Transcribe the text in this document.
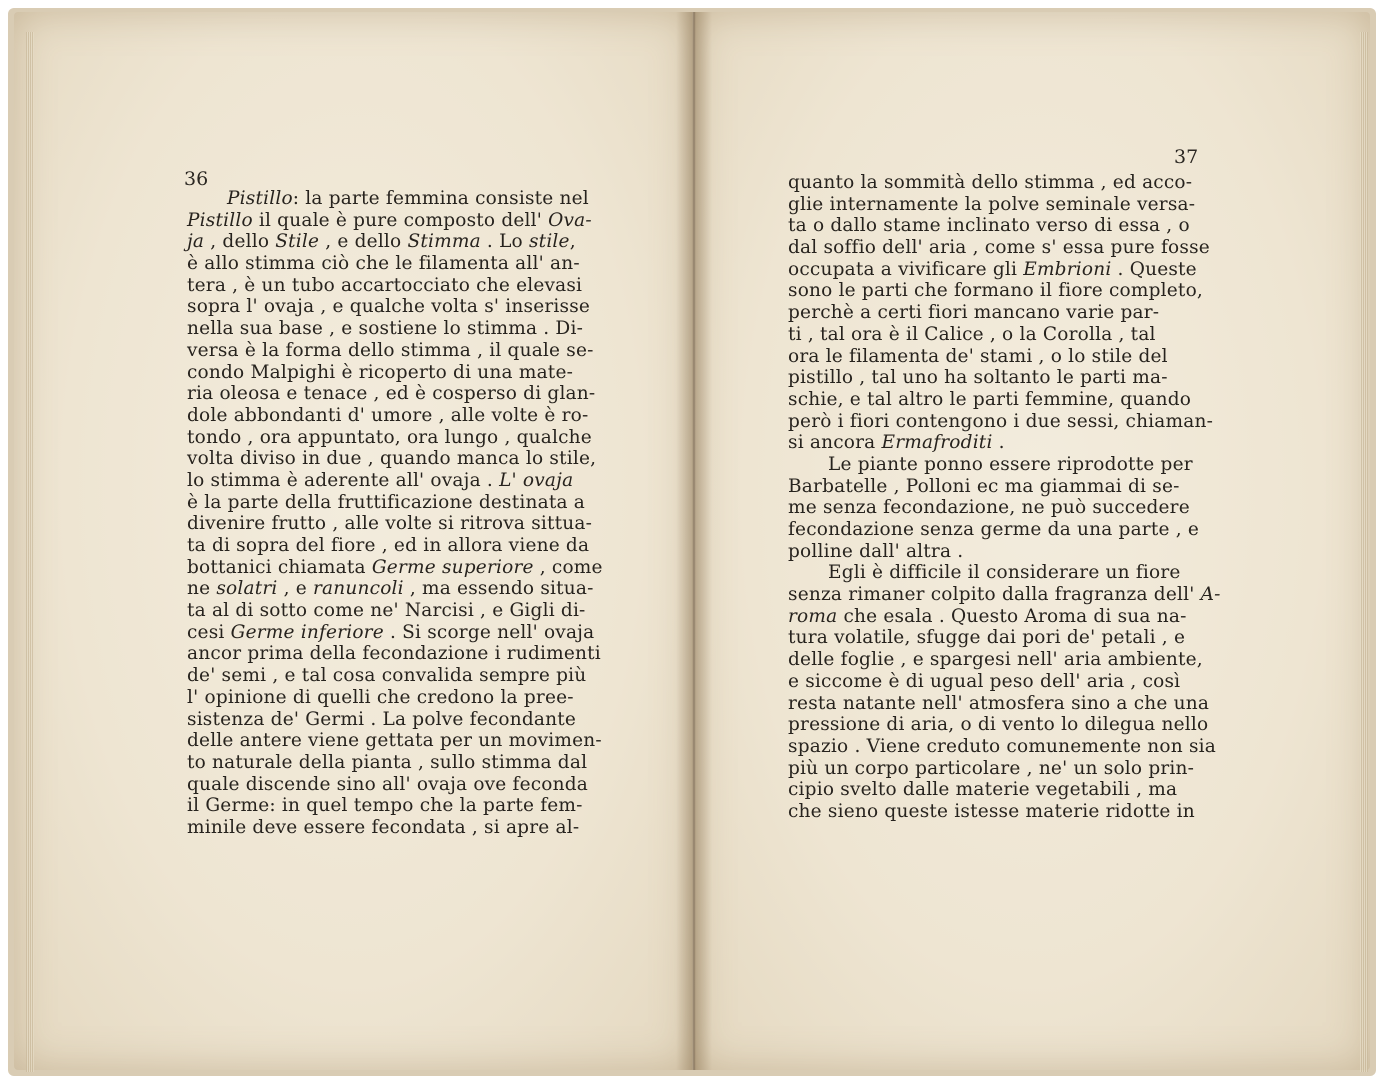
36
37
Pistillo: la parte femmina consiste nel
Pistillo il quale è pure composto dell' Ova-
ja , dello Stile , e dello Stimma . Lo stile,
è allo stimma ciò che le filamenta all' an-
tera , è un tubo accartocciato che elevasi
sopra l' ovaja , e qualche volta s' inserisse
nella sua base , e sostiene lo stimma . Di-
versa è la forma dello stimma , il quale se-
condo Malpighi è ricoperto di una mate-
ria oleosa e tenace , ed è cosperso di glan-
dole abbondanti d' umore , alle volte è ro-
tondo , ora appuntato, ora lungo , qualche
volta diviso in due , quando manca lo stile,
lo stimma è aderente all' ovaja . L' ovaja
è la parte della fruttificazione destinata a
divenire frutto , alle volte si ritrova sittua-
ta di sopra del fiore , ed in allora viene da
bottanici chiamata Germe superiore , come
ne solatri , e ranuncoli , ma essendo situa-
ta al di sotto come ne' Narcisi , e Gigli di-
cesi Germe inferiore . Si scorge nell' ovaja
ancor prima della fecondazione i rudimenti
de' semi , e tal cosa convalida sempre più
l' opinione di quelli che credono la pree-
sistenza de' Germi . La polve fecondante
delle antere viene gettata per un movimen-
to naturale della pianta , sullo stimma dal
quale discende sino all' ovaja ove feconda
il Germe: in quel tempo che la parte fem-
minile deve essere fecondata , si apre al-
quanto la sommità dello stimma , ed acco-
glie internamente la polve seminale versa-
ta o dallo stame inclinato verso di essa , o
dal soffio dell' aria , come s' essa pure fosse
occupata a vivificare gli Embrioni . Queste
sono le parti che formano il fiore completo,
perchè a certi fiori mancano varie par-
ti , tal ora è il Calice , o la Corolla , tal
ora le filamenta de' stami , o lo stile del
pistillo , tal uno ha soltanto le parti ma-
schie, e tal altro le parti femmine, quando
però i fiori contengono i due sessi, chiaman-
si ancora Ermafroditi .
Le piante ponno essere riprodotte per
Barbatelle , Polloni ec ma giammai di se-
me senza fecondazione, ne può succedere
fecondazione senza germe da una parte , e
polline dall' altra .
Egli è difficile il considerare un fiore
senza rimaner colpito dalla fragranza dell' A-
roma che esala . Questo Aroma di sua na-
tura volatile, sfugge dai pori de' petali , e
delle foglie , e spargesi nell' aria ambiente,
e siccome è di ugual peso dell' aria , così
resta natante nell' atmosfera sino a che una
pressione di aria, o di vento lo dilegua nello
spazio . Viene creduto comunemente non sia
più un corpo particolare , ne' un solo prin-
cipio svelto dalle materie vegetabili , ma
che sieno queste istesse materie ridotte in
